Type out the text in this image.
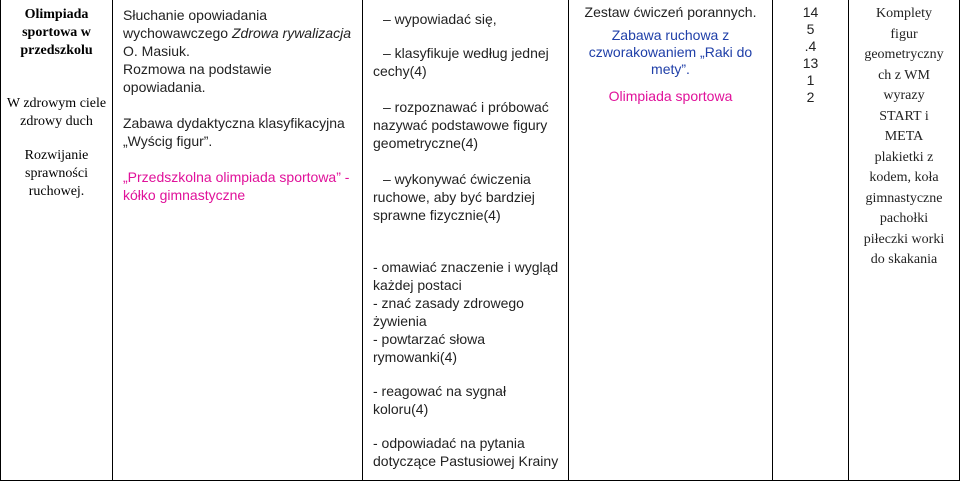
Olimpiada sportowa w przedszkolu

W zdrowym ciele zdrowy duch

Rozwijanie sprawności ruchowej.

Słuchanie opowiadania wychowawczego Zdrowa rywalizacja O. Masiuk.

Rozmowa na podstawie opowiadania.

Zabawa dydaktyczna klasyfikacyjna „Wyścig figur”.

„Przedszkolna olimpiada sportowa” - kółko gimnastyczne

– wypowiadać się,

– klasyfikuje według jednej cechy(4)

– rozpoznawać i próbować nazywać podstawowe figury geometryczne(4)

– wykonywać ćwiczenia ruchowe, aby być bardziej sprawne fizycznie(4)

- omawiać znaczenie i wygląd każdej postaci

- znać zasady zdrowego żywienia

- powtarzać słowa rymowanki(4)

- reagować na sygnał koloru(4)

- odpowiadać na pytania dotyczące Pastusiowej Krainy

Zestaw ćwiczeń porannych.

Zabawa ruchowa z czworakowaniem „Raki do mety”.

Olimpiada sportowa

14

5

.4

13

1

2

Komplety figur geometryczny ch z WM wyrazy START i META plakietki z kodem, koła gimnastyczne pachołki piłeczki worki do skakania
